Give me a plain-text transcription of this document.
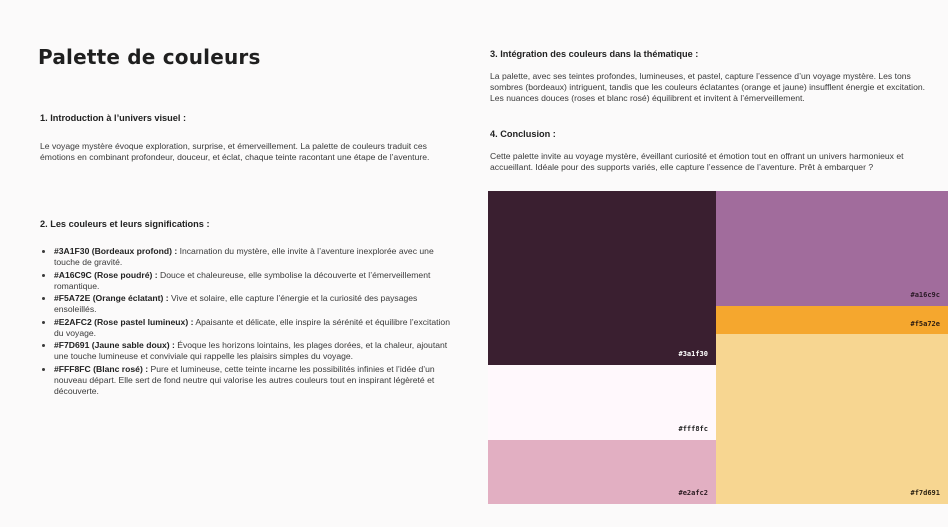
Palette de couleurs
1. Introduction à l’univers visuel :
Le voyage mystère évoque exploration, surprise, et émerveillement. La palette de couleurs traduit ces émotions en combinant profondeur, douceur, et éclat, chaque teinte racontant une étape de l’aventure.
2. Les couleurs et leurs significations :
• #3A1F30 (Bordeaux profond) : Incarnation du mystère, elle invite à l’aventure inexplorée avec une touche de gravité.
• #A16C9C (Rose poudré) : Douce et chaleureuse, elle symbolise la découverte et l’émerveillement romantique.
• #F5A72E (Orange éclatant) : Vive et solaire, elle capture l’énergie et la curiosité des paysages ensoleillés.
• #E2AFC2 (Rose pastel lumineux) : Apaisante et délicate, elle inspire la sérénité et équilibre l’excitation du voyage.
• #F7D691 (Jaune sable doux) : Évoque les horizons lointains, les plages dorées, et la chaleur, ajoutant une touche lumineuse et conviviale qui rappelle les plaisirs simples du voyage.
• #FFF8FC (Blanc rosé) : Pure et lumineuse, cette teinte incarne les possibilités infinies et l’idée d’un nouveau départ. Elle sert de fond neutre qui valorise les autres couleurs tout en inspirant légèreté et découverte.
3. Intégration des couleurs dans la thématique :
La palette, avec ses teintes profondes, lumineuses, et pastel, capture l’essence d’un voyage mystère. Les tons sombres (bordeaux) intriguent, tandis que les couleurs éclatantes (orange et jaune) insufflent énergie et excitation. Les nuances douces (roses et blanc rosé) équilibrent et invitent à l’émerveillement.
4. Conclusion :
Cette palette invite au voyage mystère, éveillant curiosité et émotion tout en offrant un univers harmonieux et accueillant. Idéale pour des supports variés, elle capture l’essence de l’aventure. Prêt à embarquer ?
#3a1f30
#a16c9c
#f5a72e
#fff8fc
#e2afc2	#f7d691
